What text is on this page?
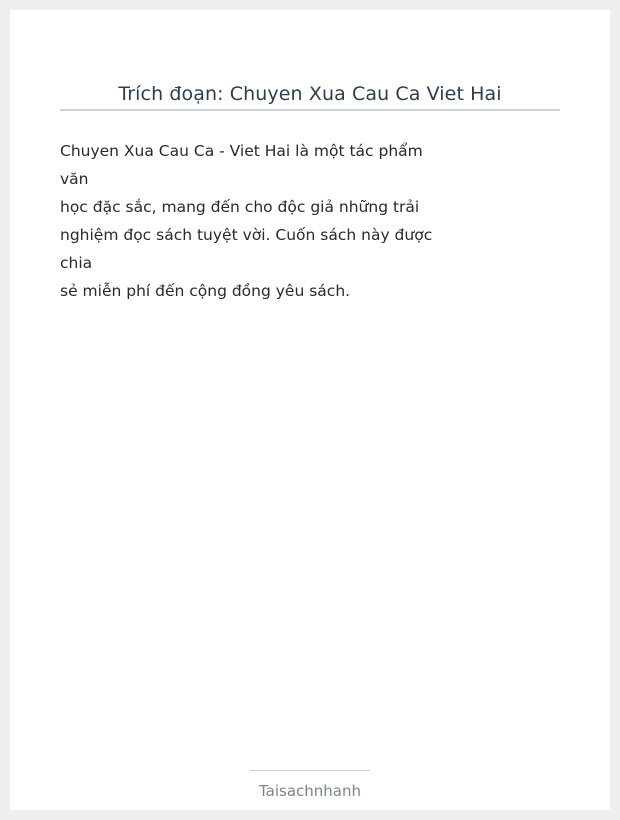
Trích đoạn: Chuyen Xua Cau Ca Viet Hai
Chuyen Xua Cau Ca - Viet Hai là một tác phẩm
văn
học đặc sắc, mang đến cho độc giả những trải
nghiệm đọc sách tuyệt vời. Cuốn sách này được
chia
sẻ miễn phí đến cộng đồng yêu sách.
Taisachnhanh
